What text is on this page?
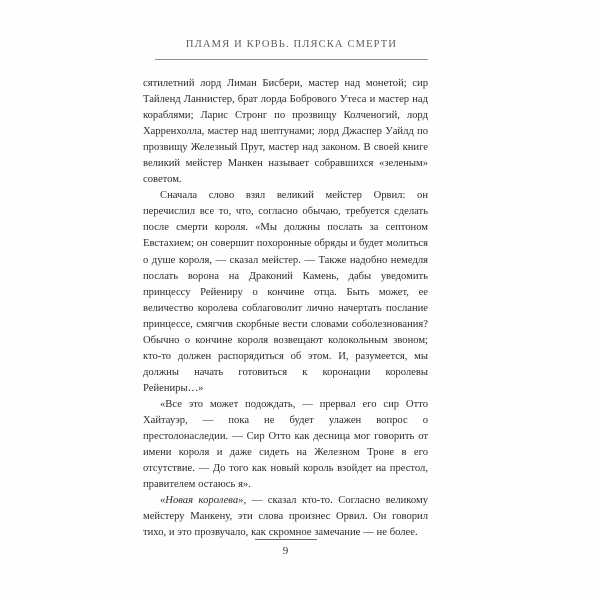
ПЛАМЯ И КРОВЬ. ПЛЯСКА СМЕРТИ

сятилетний лорд Лиман Бисбери, мастер над монетой; сир Тайленд Ланнистер, брат лорда Бобрового Утеса и мастер над кораблями; Ларис Стронг по прозвищу Колченогий, лорд Харренхолла, мастер над шептунами; лорд Джаспер Уайлд по прозвищу Железный Прут, мастер над законом. В своей книге великий мейстер Манкен называет собравшихся «зеленым» советом.

Сначала слово взял великий мейстер Орвил: он перечислил все то, что, согласно обычаю, требуется сделать после смерти короля. «Мы должны послать за септоном Евстахием; он совершит похоронные обряды и будет молиться о душе короля, — сказал мейстер. — Также надобно немедля послать ворона на Драконий Камень, дабы уведомить принцессу Рейениру о кончине отца. Быть может, ее величество королева соблаговолит лично начертать послание принцессе, смягчив скорбные вести словами соболезнования? Обычно о кончине короля возвещают колокольным звоном; кто-то должен распорядиться об этом. И, разумеется, мы должны начать готовиться к коронации королевы Рейениры…»

«Все это может подождать, — прервал его сир Отто Хайтауэр, — пока не будет улажен вопрос о престолонаследии. — Сир Отто как десница мог говорить от имени короля и даже сидеть на Железном Троне в его отсутствие. — До того как новый король взойдет на престол, правителем остаюсь я».

«Новая королева», — сказал кто-то. Согласно великому мейстеру Манкену, эти слова произнес Орвил. Он говорил тихо, и это прозвучало, как скромное замечание — не более.

9
